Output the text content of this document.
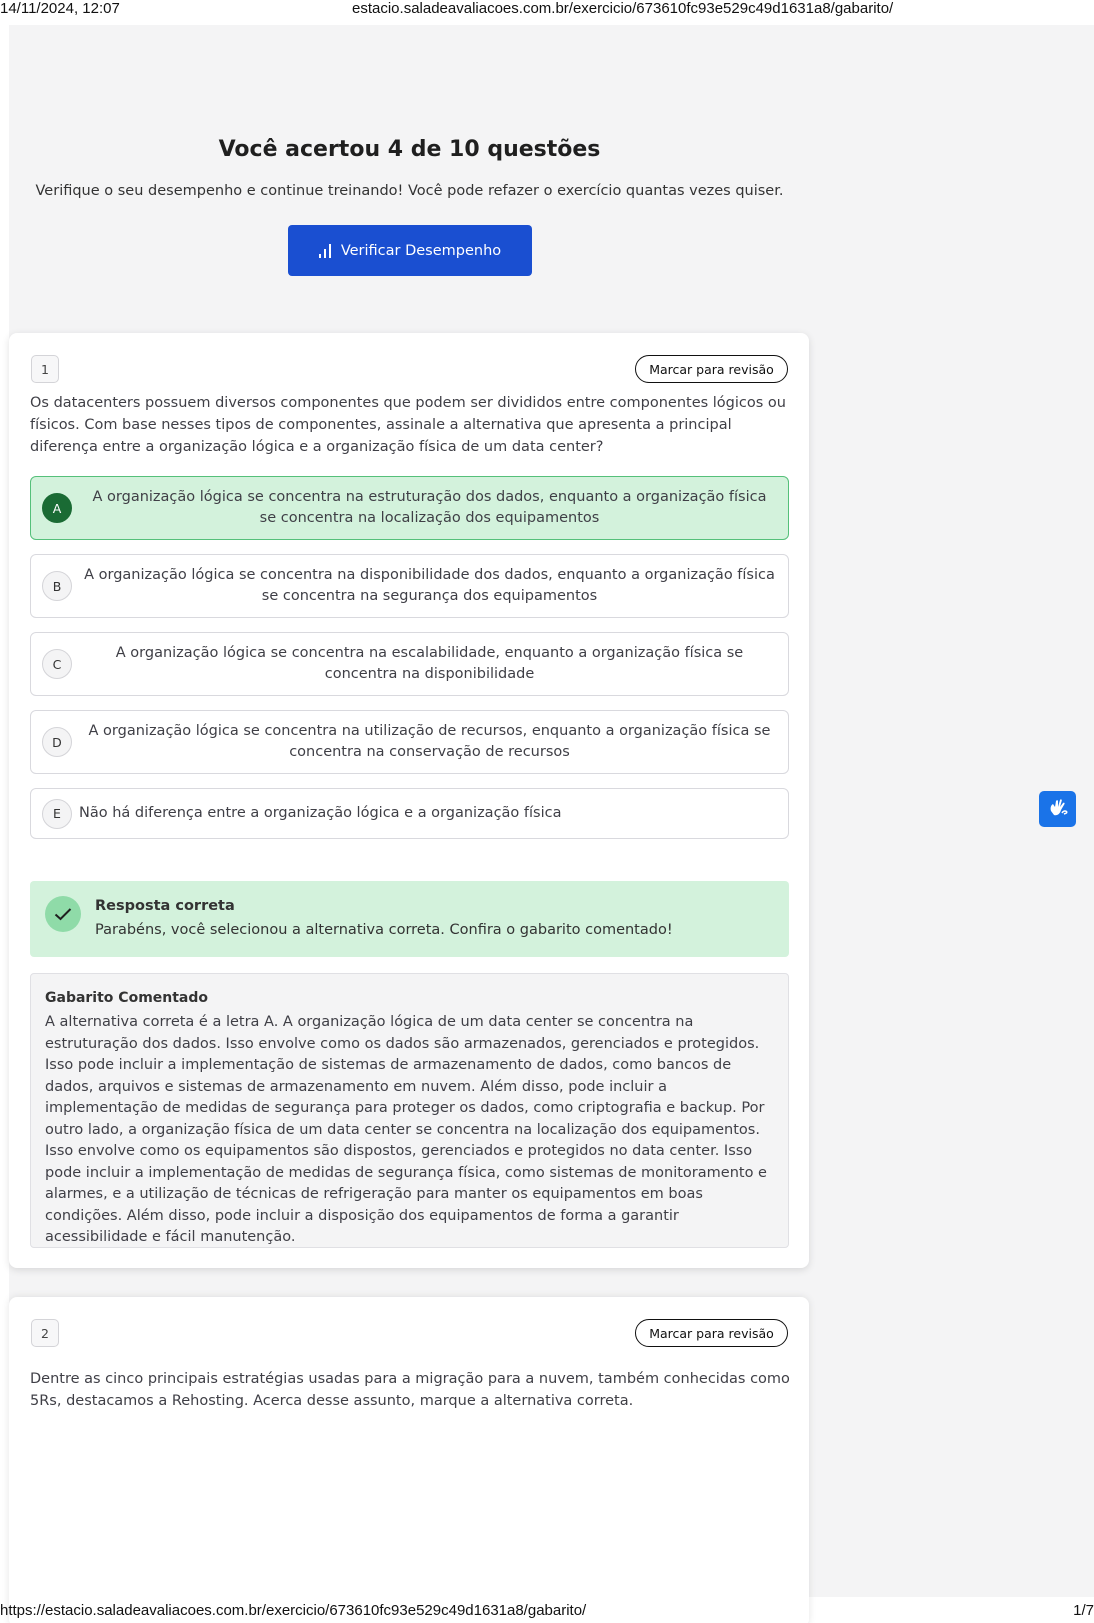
14/11/2024, 12:07	estacio.saladeavaliacoes.com.br/exercicio/673610fc93e529c49d1631a8/gabarito/
Você acertou 4 de 10 questões
Verifique o seu desempenho e continue treinando! Você pode refazer o exercício quantas vezes quiser.
Verificar Desempenho
1	Marcar para revisão
Os datacenters possuem diversos componentes que podem ser divididos entre componentes lógicos ou físicos. Com base nesses tipos de componentes, assinale a alternativa que apresenta a principal diferença entre a organização lógica e a organização física de um data center?
A
A organização lógica se concentra na estruturação dos dados, enquanto a organização física se concentra na localização dos equipamentos
B
A organização lógica se concentra na disponibilidade dos dados, enquanto a organização física se concentra na segurança dos equipamentos
C
A organização lógica se concentra na escalabilidade, enquanto a organização física se concentra na disponibilidade
D
A organização lógica se concentra na utilização de recursos, enquanto a organização física se concentra na conservação de recursos
E	Não há diferença entre a organização lógica e a organização física
Resposta correta
Parabéns, você selecionou a alternativa correta. Confira o gabarito comentado!
Gabarito Comentado
A alternativa correta é a letra A. A organização lógica de um data center se concentra na estruturação dos dados. Isso envolve como os dados são armazenados, gerenciados e protegidos. Isso pode incluir a implementação de sistemas de armazenamento de dados, como bancos de dados, arquivos e sistemas de armazenamento em nuvem. Além disso, pode incluir a implementação de medidas de segurança para proteger os dados, como criptografia e backup. Por outro lado, a organização física de um data center se concentra na localização dos equipamentos. Isso envolve como os equipamentos são dispostos, gerenciados e protegidos no data center. Isso pode incluir a implementação de medidas de segurança física, como sistemas de monitoramento e alarmes, e a utilização de técnicas de refrigeração para manter os equipamentos em boas condições. Além disso, pode incluir a disposição dos equipamentos de forma a garantir acessibilidade e fácil manutenção.
2	Marcar para revisão
Dentre as cinco principais estratégias usadas para a migração para a nuvem, também conhecidas como 5Rs, destacamos a Rehosting. Acerca desse assunto, marque a alternativa correta.
https://estacio.saladeavaliacoes.com.br/exercicio/673610fc93e529c49d1631a8/gabarito/	1/7
